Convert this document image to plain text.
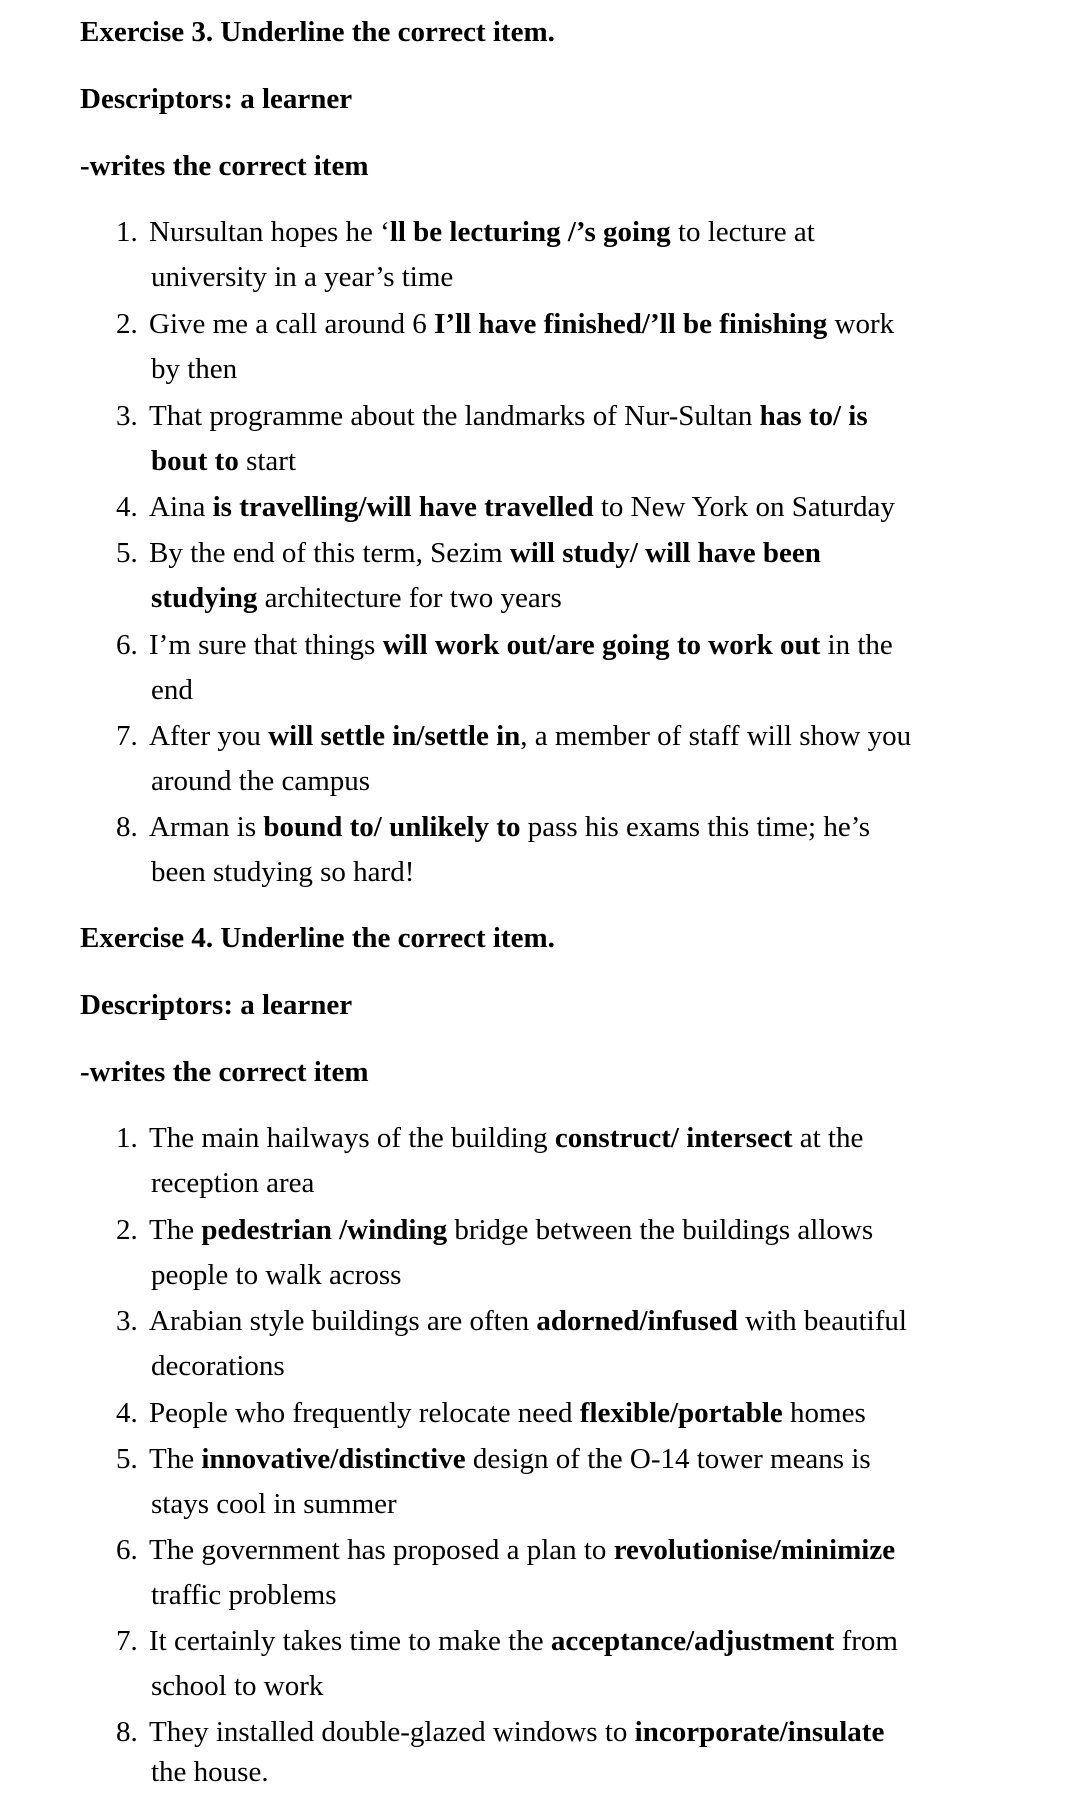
Exercise 3. Underline the correct item.
Descriptors: a learner
-writes the correct item
1. Nursultan hopes he ‘ll be lecturing /’s going to lecture at
university in a year’s time
2. Give me a call around 6 I’ll have finished/’ll be finishing work
by then
3. That programme about the landmarks of Nur-Sultan has to/ is
bout to start
4. Aina is travelling/will have travelled to New York on Saturday
5. By the end of this term, Sezim will study/ will have been
studying architecture for two years
6. I’m sure that things will work out/are going to work out in the
end
7. After you will settle in/settle in, a member of staff will show you
around the campus
8. Arman is bound to/ unlikely to pass his exams this time; he’s
been studying so hard!
Exercise 4. Underline the correct item.
Descriptors: a learner
-writes the correct item
1. The main hailways of the building construct/ intersect at the
reception area
2. The pedestrian /winding bridge between the buildings allows
people to walk across
3. Arabian style buildings are often adorned/infused with beautiful
decorations
4. People who frequently relocate need flexible/portable homes
5. The innovative/distinctive design of the O-14 tower means is
stays cool in summer
6. The government has proposed a plan to revolutionise/minimize
traffic problems
7. It certainly takes time to make the acceptance/adjustment from
school to work
8. They installed double-glazed windows to incorporate/insulate
the house.
